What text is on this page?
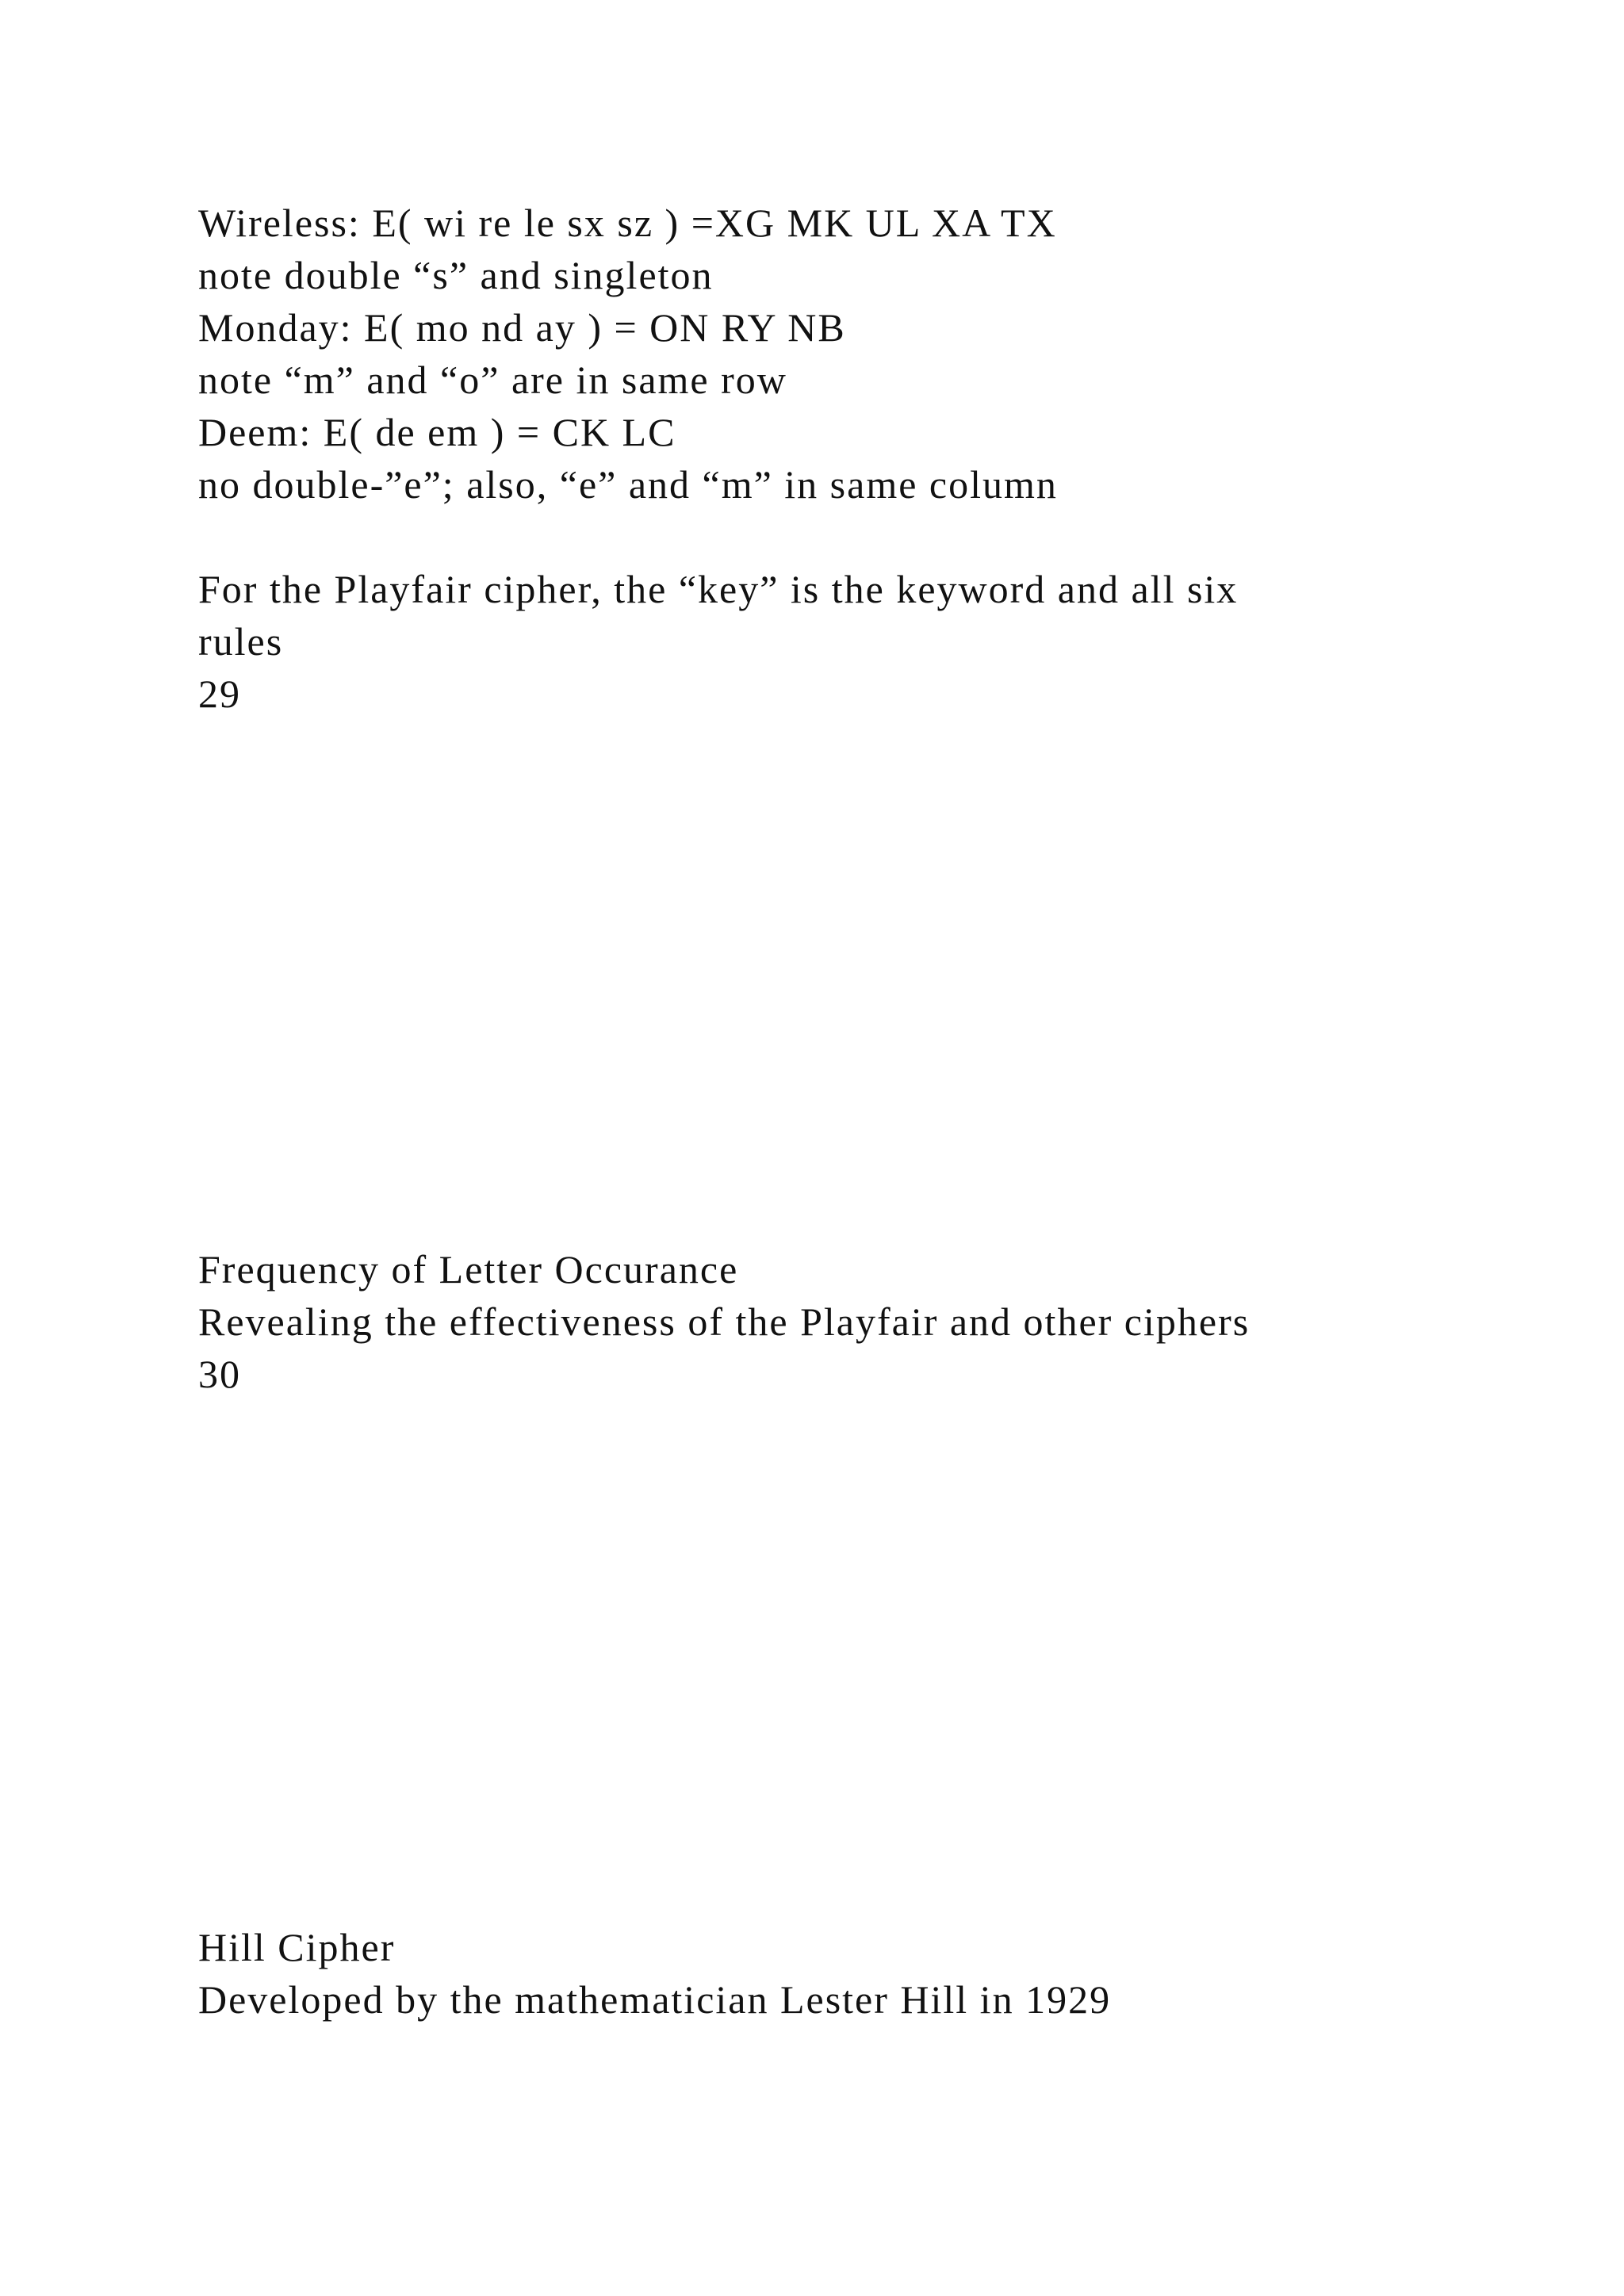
Wireless: E( wi re le sx sz ) =XG MK UL XA TX

note double “s” and singleton

Monday: E( mo nd ay ) = ON RY NB

note “m” and “o” are in same row

Deem: E( de em ) = CK LC

no double-”e”; also, “e” and “m” in same column

For the Playfair cipher, the “key” is the keyword and all six

rules

29

Frequency of Letter Occurance

Revealing the effectiveness of the Playfair and other ciphers

30

Hill Cipher

Developed by the mathematician Lester Hill in 1929
